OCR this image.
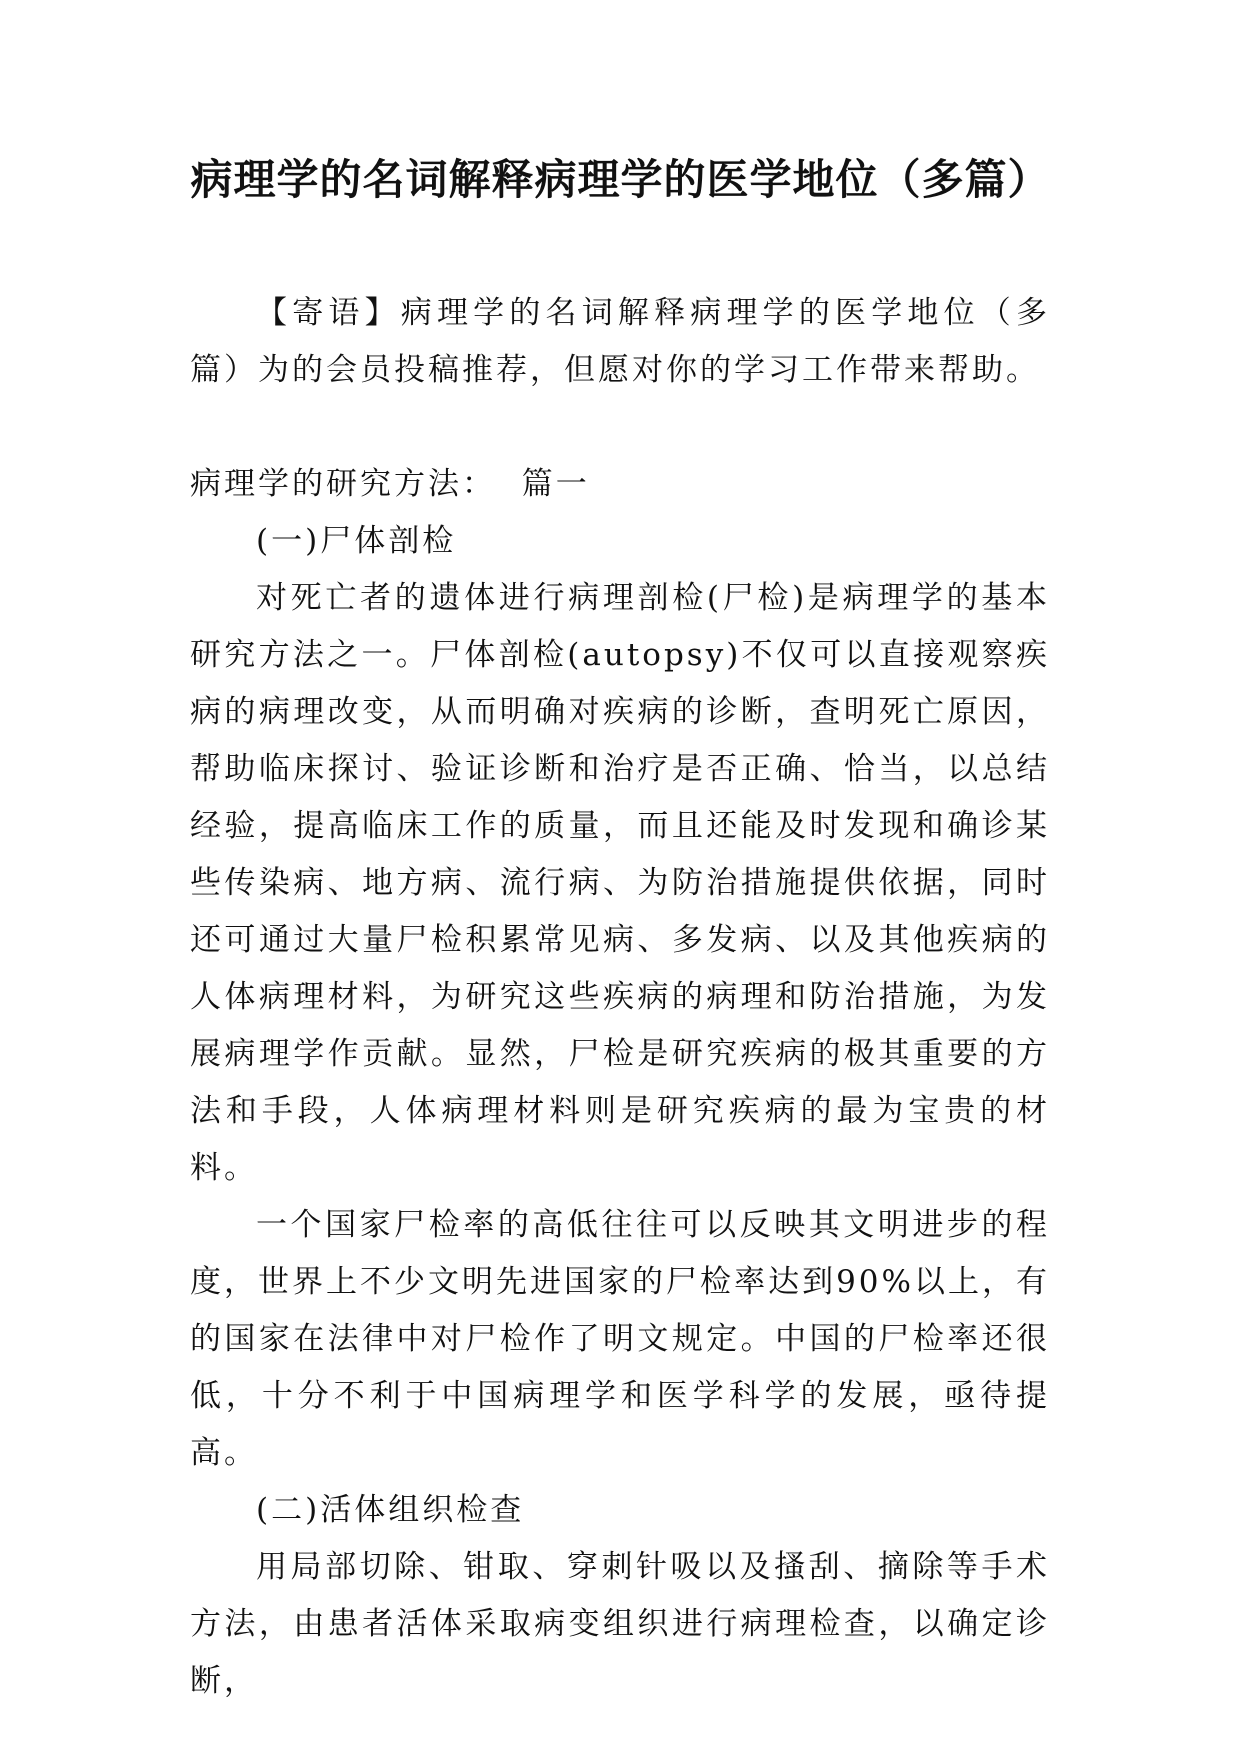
病理学的名词解释病理学的医学地位（多篇）

【寄语】病理学的名词解释病理学的医学地位（多篇）为的会员投稿推荐，但愿对你的学习工作带来帮助。

病理学的研究方法：  篇一

(一)尸体剖检

对死亡者的遗体进行病理剖检(尸检)是病理学的基本研究方法之一。尸体剖检(autopsy)不仅可以直接观察疾病的病理改变，从而明确对疾病的诊断，查明死亡原因，帮助临床探讨、验证诊断和治疗是否正确、恰当，以总结经验，提高临床工作的质量，而且还能及时发现和确诊某些传染病、地方病、流行病、为防治措施提供依据，同时还可通过大量尸检积累常见病、多发病、以及其他疾病的人体病理材料，为研究这些疾病的病理和防治措施，为发展病理学作贡献。显然，尸检是研究疾病的极其重要的方法和手段，人体病理材料则是研究疾病的最为宝贵的材料。

一个国家尸检率的高低往往可以反映其文明进步的程度，世界上不少文明先进国家的尸检率达到90%以上，有的国家在法律中对尸检作了明文规定。中国的尸检率还很低，十分不利于中国病理学和医学科学的发展，亟待提高。

(二)活体组织检查

用局部切除、钳取、穿刺针吸以及搔刮、摘除等手术方法，由患者活体采取病变组织进行病理检查，以确定诊断，
